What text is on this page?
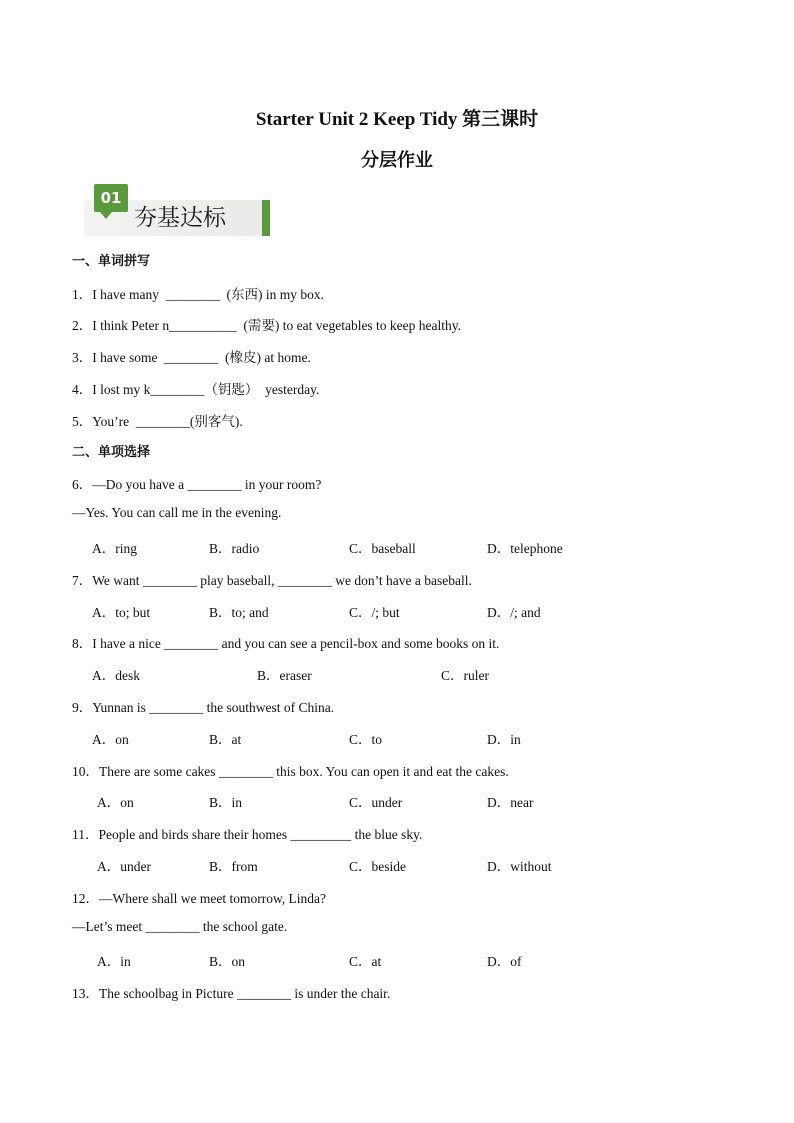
Starter Unit 2 Keep Tidy 第三课时
分层作业
01
夯基达标
一、单词拼写
1．I have many  ________  (东西) in my box.
2．I think Peter n__________  (需要) to eat vegetables to keep healthy.
3．I have some  ________  (橡皮) at home.
4．I lost my k________（钥匙）  yesterday.
5．You’re  ________(别客气).
二、单项选择
6．—Do you have a ________ in your room?
—Yes. You can call me in the evening.
A．ring	B．radio	C．baseball	D．telephone
7．We want ________ play baseball, ________ we don’t have a baseball.
A．to; but	B．to; and	C．/; but	D．/; and
8．I have a nice ________ and you can see a pencil-box and some books on it.
A．desk	B．eraser	C．ruler
9．Yunnan is ________ the southwest of China.
A．on	B．at	C．to	D．in
10．There are some cakes ________ this box. You can open it and eat the cakes.
A．on	B．in	C．under	D．near
11．People and birds share their homes _________ the blue sky.
A．under	B．from	C．beside	D．without
12．—Where shall we meet tomorrow, Linda?
—Let’s meet ________ the school gate.
A．in	B．on	C．at	D．of
13．The schoolbag in Picture ________ is under the chair.
